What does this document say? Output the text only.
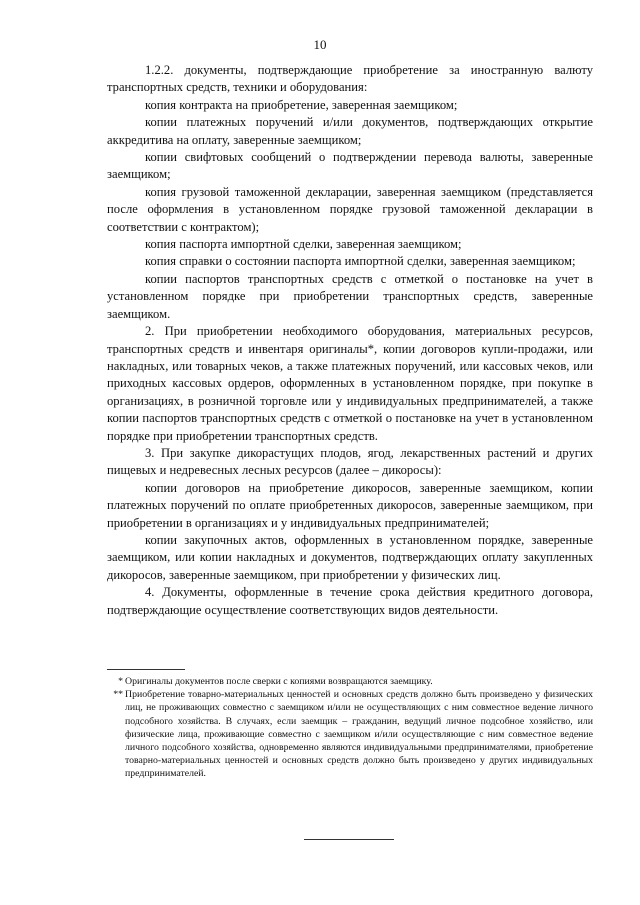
10

1.2.2. документы, подтверждающие приобретение за иностранную валюту транспортных средств, техники и оборудования:

копия контракта на приобретение, заверенная заемщиком;

копии платежных поручений и/или документов, подтверждающих открытие аккредитива на оплату, заверенные заемщиком;

копии свифтовых сообщений о подтверждении перевода валюты, заверенные заемщиком;

копия грузовой таможенной декларации, заверенная заемщиком (представляется после оформления в установленном порядке грузовой таможенной декларации в соответствии с контрактом);

копия паспорта импортной сделки, заверенная заемщиком;

копия справки о состоянии паспорта импортной сделки, заверенная заемщиком;

копии паспортов транспортных средств с отметкой о постановке на учет в установленном порядке при приобретении транспортных средств, заверенные заемщиком.

2. При приобретении необходимого оборудования, материальных ресурсов, транспортных средств и инвентаря оригиналы*, копии договоров купли-продажи, или накладных, или товарных чеков, а также платежных поручений, или кассовых чеков, или приходных кассовых ордеров, оформленных в установленном порядке, при покупке в организациях, в розничной торговле или у индивидуальных предпринимателей, а также копии паспортов транспортных средств с отметкой о постановке на учет в установленном порядке при приобретении транспортных средств.

3. При закупке дикорастущих плодов, ягод, лекарственных растений и других пищевых и недревесных лесных ресурсов (далее – дикоросы):

копии договоров на приобретение дикоросов, заверенные заемщиком, копии платежных поручений по оплате приобретенных дикоросов, заверенные заемщиком, при приобретении в организациях и у индивидуальных предпринимателей;

копии закупочных актов, оформленных в установленном порядке, заверенные заемщиком, или копии накладных и документов, подтверждающих оплату закупленных дикоросов, заверенные заемщиком, при приобретении у физических лиц.

4. Документы, оформленные в течение срока действия кредитного договора, подтверждающие осуществление соответствующих видов деятельности.

* Оригиналы документов после сверки с копиями возвращаются заемщику.
** Приобретение товарно-материальных ценностей и основных средств должно быть произведено у физических лиц, не проживающих совместно с заемщиком и/или не осуществляющих с ним совместное ведение личного подсобного хозяйства. В случаях, если заемщик – гражданин, ведущий личное подсобное хозяйство, или физические лица, проживающие совместно с заемщиком и/или осуществляющие с ним совместное ведение личного подсобного хозяйства, одновременно являются индивидуальными предпринимателями, приобретение товарно-материальных ценностей и основных средств должно быть произведено у других индивидуальных предпринимателей.
